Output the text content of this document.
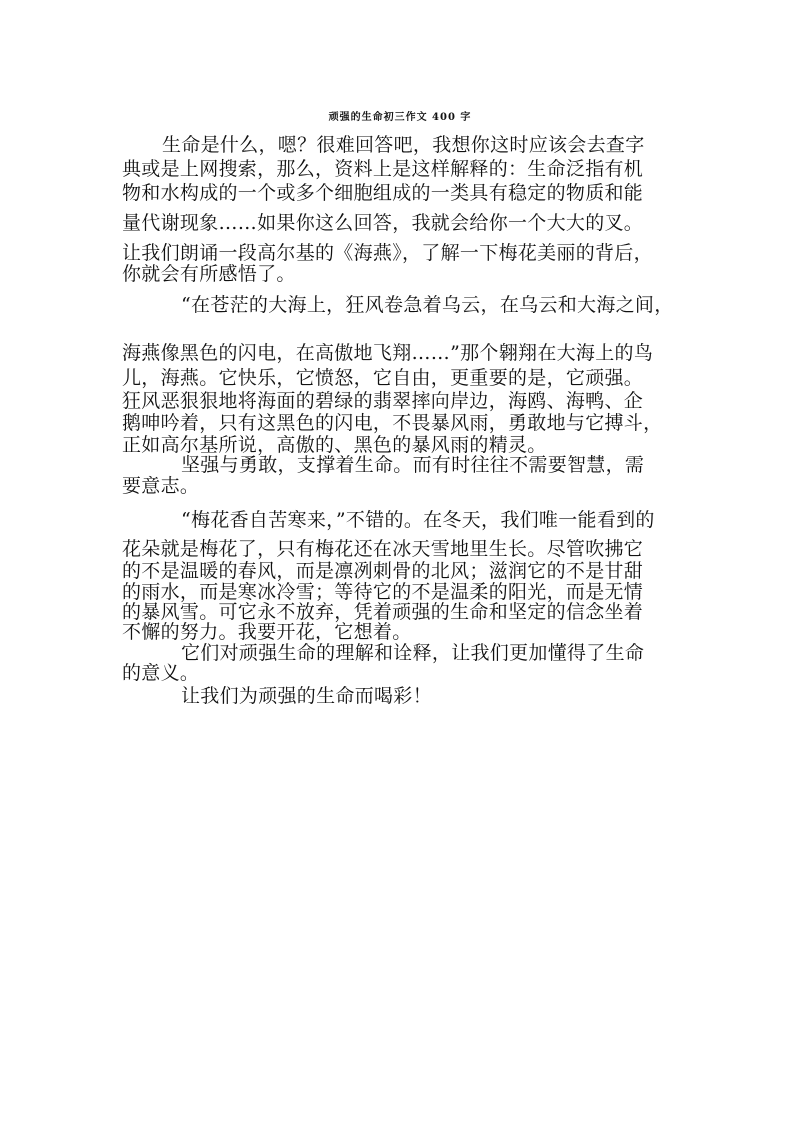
顽强的生命初三作文 400 字
生命是什么，嗯？很难回答吧，我想你这时应该会去查字
典或是上网搜索，那么，资料上是这样解释的：生命泛指有机
物和水构成的一个或多个细胞组成的一类具有稳定的物质和能
量代谢现象……如果你这么回答，我就会给你一个大大的叉。
让我们朗诵一段高尔基的《海燕》，了解一下梅花美丽的背后，
你就会有所感悟了。
“在苍茫的大海上，狂风卷急着乌云，在乌云和大海之间，
海燕像黑色的闪电，在高傲地飞翔……”那个翱翔在大海上的鸟
儿，海燕。它快乐，它愤怒，它自由，更重要的是，它顽强。
狂风恶狠狠地将海面的碧绿的翡翠摔向岸边，海鸥、海鸭、企
鹅呻吟着，只有这黑色的闪电，不畏暴风雨，勇敢地与它搏斗，
正如高尔基所说，高傲的、黑色的暴风雨的精灵。
坚强与勇敢，支撑着生命。而有时往往不需要智慧，需
要意志。
“梅花香自苦寒来，”不错的。在冬天，我们唯一能看到的
花朵就是梅花了，只有梅花还在冰天雪地里生长。尽管吹拂它
的不是温暖的春风，而是凛冽刺骨的北风；滋润它的不是甘甜
的雨水，而是寒冰冷雪；等待它的不是温柔的阳光，而是无情
的暴风雪。可它永不放弃，凭着顽强的生命和坚定的信念坐着
不懈的努力。我要开花，它想着。
它们对顽强生命的理解和诠释，让我们更加懂得了生命
的意义。
让我们为顽强的生命而喝彩！
